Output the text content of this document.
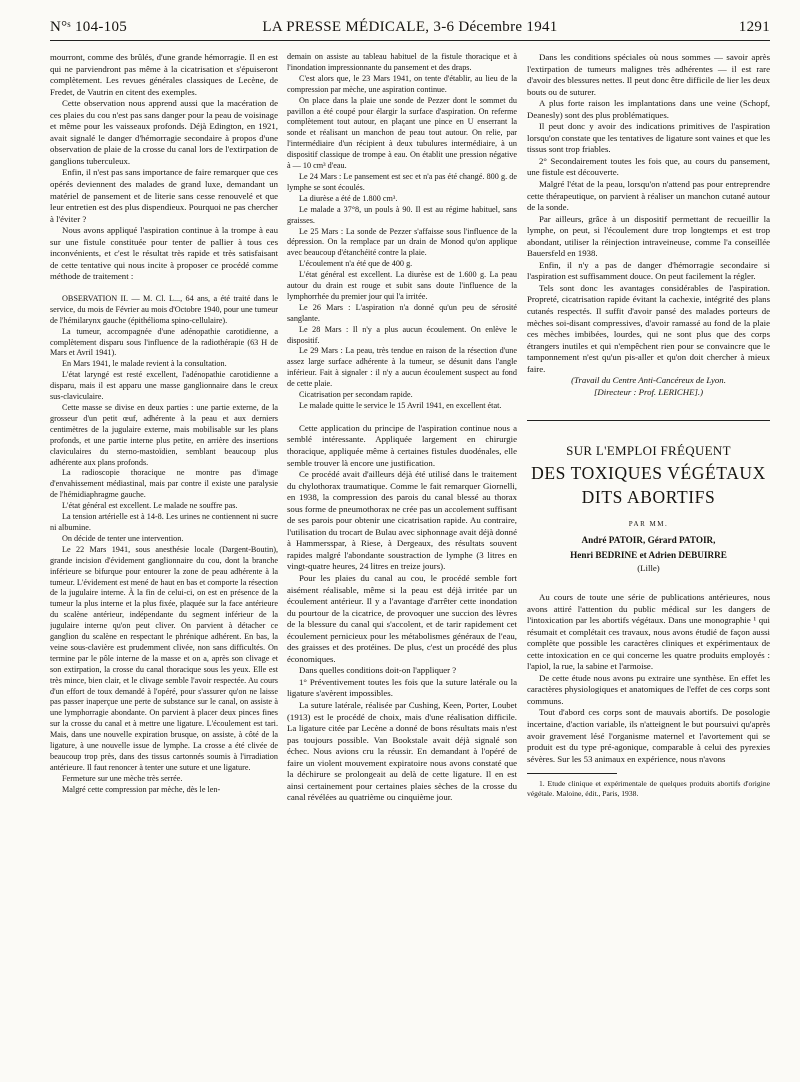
N°ˢ 104-105	LA PRESSE MÉDICALE, 3-6 Décembre 1941	1291

mourront, comme des brûlés, d'une grande hémorragie. Il en est qui ne parviendront pas même à la cicatrisation et s'épuiseront complètement. Les revues générales classiques de Lecène, de Fredet, de Vautrin en citent des exemples.

Cette observation nous apprend aussi que la macération de ces plaies du cou n'est pas sans danger pour la peau de voisinage et même pour les vaisseaux profonds. Déjà Edington, en 1921, avait signalé le danger d'hémorragie secondaire à propos d'une observation de plaie de la crosse du canal lors de l'extirpation de ganglions tuberculeux.

Enfin, il n'est pas sans importance de faire remarquer que ces opérés deviennent des malades de grand luxe, demandant un matériel de pansement et de literie sans cesse renouvelé et que leur entretien est des plus dispendieux. Pourquoi ne pas chercher à l'éviter ?

Nous avons appliqué l'aspiration continue à la trompe à eau sur une fistule constituée pour tenter de pallier à tous ces inconvénients, et c'est le résultat très rapide et très satisfaisant de cette tentative qui nous incite à proposer ce procédé comme méthode de traitement :

OBSERVATION II. — M. Cl. L..., 64 ans, a été traité dans le service, du mois de Février au mois d'Octobre 1940, pour une tumeur de l'hémilarynx gauche (épithélioma spino-cellulaire).

La tumeur, accompagnée d'une adénopathie carotidienne, a complètement disparu sous l'influence de la radiothérapie (63 H de Mars et Avril 1941).

En Mars 1941, le malade revient à la consultation.

L'état laryngé est resté excellent, l'adénopathie carotidienne a disparu, mais il est apparu une masse ganglionnaire dans le creux sus-claviculaire.

Cette masse se divise en deux parties : une partie externe, de la grosseur d'un petit œuf, adhérente à la peau et aux derniers centimètres de la jugulaire externe, mais mobilisable sur les plans profonds, et une partie interne plus petite, en arrière des insertions claviculaires du sterno-mastoïdien, semblant beaucoup plus adhérente aux plans profonds.

La radioscopie thoracique ne montre pas d'image d'envahissement médiastinal, mais par contre il existe une paralysie de l'hémidiaphragme gauche.

L'état général est excellent. Le malade ne souffre pas.

La tension artérielle est à 14-8. Les urines ne contiennent ni sucre ni albumine.

On décide de tenter une intervention.

Le 22 Mars 1941, sous anesthésie locale (Dargent-Boutin), grande incision d'évidement ganglionnaire du cou, dont la branche inférieure se bifurque pour entourer la zone de peau adhérente à la tumeur. L'évidement est mené de haut en bas et comporte la résection de la jugulaire interne. À la fin de celui-ci, on est en présence de la tumeur la plus interne et la plus fixée, plaquée sur la face antérieure du scalène antérieur, indépendante du segment inférieur de la jugulaire interne qu'on peut cliver. On parvient à détacher ce ganglion du scalène en respectant le phrénique adhérent. En bas, la veine sous-clavière est prudemment clivée, non sans difficultés. On termine par le pôle interne de la masse et on a, après son clivage et son extirpation, la crosse du canal thoracique sous les yeux. Elle est très mince, bien clair, et le clivage semble l'avoir respectée. Au cours d'un effort de toux demandé à l'opéré, pour s'assurer qu'on ne laisse pas passer inaperçue une perte de substance sur le canal, on assiste à une lymphorragie abondante. On parvient à placer deux pinces fines sur la crosse du canal et à mettre une ligature. L'écoulement est tari. Mais, dans une nouvelle expiration brusque, on assiste, à côté de la ligature, à une nouvelle issue de lymphe. La crosse a été clivée de beaucoup trop près, dans des tissus cartonnés soumis à l'irradiation antérieure. Il faut renoncer à tenter une suture et une ligature.

Fermeture sur une mèche très serrée.

Malgré cette compression par mèche, dès le len-

demain on assiste au tableau habituel de la fistule thoracique et à l'inondation impressionnante du pansement et des draps.

C'est alors que, le 23 Mars 1941, on tente d'établir, au lieu de la compression par mèche, une aspiration continue.

On place dans la plaie une sonde de Pezzer dont le sommet du pavillon a été coupé pour élargir la surface d'aspiration. On referme complètement tout autour, en plaçant une pince en U enserrant la sonde et réalisant un manchon de peau tout autour. On relie, par l'intermédiaire d'un récipient à deux tubulures intermédiaire, à un dispositif classique de trompe à eau. On établit une pression négative à — 10 cm³ d'eau.

Le 24 Mars : Le pansement est sec et n'a pas été changé. 800 g. de lymphe se sont écoulés.

La diurèse a été de 1.800 cm³.

Le malade a 37°8, un pouls à 90. Il est au régime habituel, sans graisses.

Le 25 Mars : La sonde de Pezzer s'affaisse sous l'influence de la dépression. On la remplace par un drain de Monod qu'on applique avec beaucoup d'étanchéité contre la plaie.

L'écoulement n'a été que de 400 g.

L'état général est excellent. La diurèse est de 1.600 g. La peau autour du drain est rouge et subit sans doute l'influence de la lymphorrhée du premier jour qui l'a irritée.

Le 26 Mars : L'aspiration n'a donné qu'un peu de sérosité sanglante.

Le 28 Mars : Il n'y a plus aucun écoulement. On enlève le dispositif.

Le 29 Mars : La peau, très tendue en raison de la résection d'une assez large surface adhérente à la tumeur, se désunit dans l'angle inférieur. Fait à signaler : il n'y a aucun écoulement suspect au fond de cette plaie.

Cicatrisation per secondam rapide.

Le malade quitte le service le 15 Avril 1941, en excellent état.

Cette application du principe de l'aspiration continue nous a semblé intéressante. Appliquée largement en chirurgie thoracique, appliquée même à certaines fistules duodénales, elle semble trouver là encore une justification.

Ce procédé avait d'ailleurs déjà été utilisé dans le traitement du chylothorax traumatique. Comme le fait remarquer Giornelli, en 1938, la compression des parois du canal blessé au thorax sous forme de pneumothorax ne crée pas un accolement suffisant de ses parois pour obtenir une cicatrisation rapide. Au contraire, l'utilisation du trocart de Bulau avec siphonnage avait déjà donné à Hammersspar, à Riese, à Dergeaux, des résultats souvent rapides malgré l'abondante soustraction de lymphe (3 litres en vingt-quatre heures, 24 litres en treize jours).

Pour les plaies du canal au cou, le procédé semble fort aisément réalisable, même si la peau est déjà irritée par un écoulement antérieur. Il y a l'avantage d'arrêter cette inondation du pourtour de la cicatrice, de provoquer une succion des lèvres de la blessure du canal qui s'accolent, et de tarir rapidement cet écoulement pernicieux pour les métabolismes généraux de l'eau, des graisses et des protéines. De plus, c'est un procédé des plus économiques.

Dans quelles conditions doit-on l'appliquer ?

1° Préventivement toutes les fois que la suture latérale ou la ligature s'avèrent impossibles.

La suture latérale, réalisée par Cushing, Keen, Porter, Loubet (1913) est le procédé de choix, mais d'une réalisation difficile. La ligature citée par Lecène a donné de bons résultats mais n'est pas toujours possible. Van Bookstale avait déjà signalé son échec. Nous avions cru la réussir. En demandant à l'opéré de faire un violent mouvement expiratoire nous avons constaté que la déchirure se prolongeait au delà de cette ligature. Il en est ainsi certainement pour certaines plaies sèches de la crosse du canal révélées au quatrième ou cinquième jour.

Dans les conditions spéciales où nous sommes — savoir après l'extirpation de tumeurs malignes très adhérentes — il est rare d'avoir des blessures nettes. Il peut donc être difficile de lier les deux bouts ou de suturer.

A plus forte raison les implantations dans une veine (Schopf, Deanesly) sont des plus problématiques.

Il peut donc y avoir des indications primitives de l'aspiration lorsqu'on constate que les tentatives de ligature sont vaines et que les tissus sont trop friables.

2° Secondairement toutes les fois que, au cours du pansement, une fistule est découverte.

Malgré l'état de la peau, lorsqu'on n'attend pas pour entreprendre cette thérapeutique, on parvient à réaliser un manchon cutané autour de la sonde.

Par ailleurs, grâce à un dispositif permettant de recueillir la lymphe, on peut, si l'écoulement dure trop longtemps et est trop abondant, utiliser la réinjection intraveineuse, comme l'a conseillée Bauersfeld en 1938.

Enfin, il n'y a pas de danger d'hémorragie secondaire si l'aspiration est suffisamment douce. On peut facilement la régler.

Tels sont donc les avantages considérables de l'aspiration. Propreté, cicatrisation rapide évitant la cachexie, intégrité des plans cutanés respectés. Il suffit d'avoir pansé des malades porteurs de mèches soi-disant compressives, d'avoir ramassé au fond de la plaie ces mèches imbibées, lourdes, qui ne sont plus que des corps étrangers inutiles et qui n'empêchent rien pour se convaincre que le tamponnement n'est qu'un pis-aller et qu'on doit chercher à mieux faire.

(Travail du Centre Anti-Cancéreux de Lyon.

[Directeur : Prof. LERICHE].)

SUR L'EMPLOI FRÉQUENT
DES TOXIQUES VÉGÉTAUX
DITS ABORTIFS
PAR MM.
André PATOIR, Gérard PATOIR,
Henri BEDRINE et Adrien DEBUIRRE
(Lille)

Au cours de toute une série de publications antérieures, nous avons attiré l'attention du public médical sur les dangers de l'intoxication par les abortifs végétaux. Dans une monographie ¹ qui résumait et complétait ces travaux, nous avons étudié de façon aussi complète que possible les caractères cliniques et expérimentaux de cette intoxication en ce qui concerne les quatre produits employés : l'apiol, la rue, la sabine et l'armoise.

De cette étude nous avons pu extraire une synthèse. En effet les caractères physiologiques et anatomiques de l'effet de ces corps sont communs.

Tout d'abord ces corps sont de mauvais abortifs. De posologie incertaine, d'action variable, ils n'atteignent le but poursuivi qu'après avoir gravement lésé l'organisme maternel et l'avortement qui se produit est du type pré-agonique, comparable à celui des pyrexies sévères. Sur les 53 animaux en expérience, nous n'avons

1. Etude clinique et expérimentale de quelques produits abortifs d'origine végétale. Maloine, édit., Paris, 1938.
